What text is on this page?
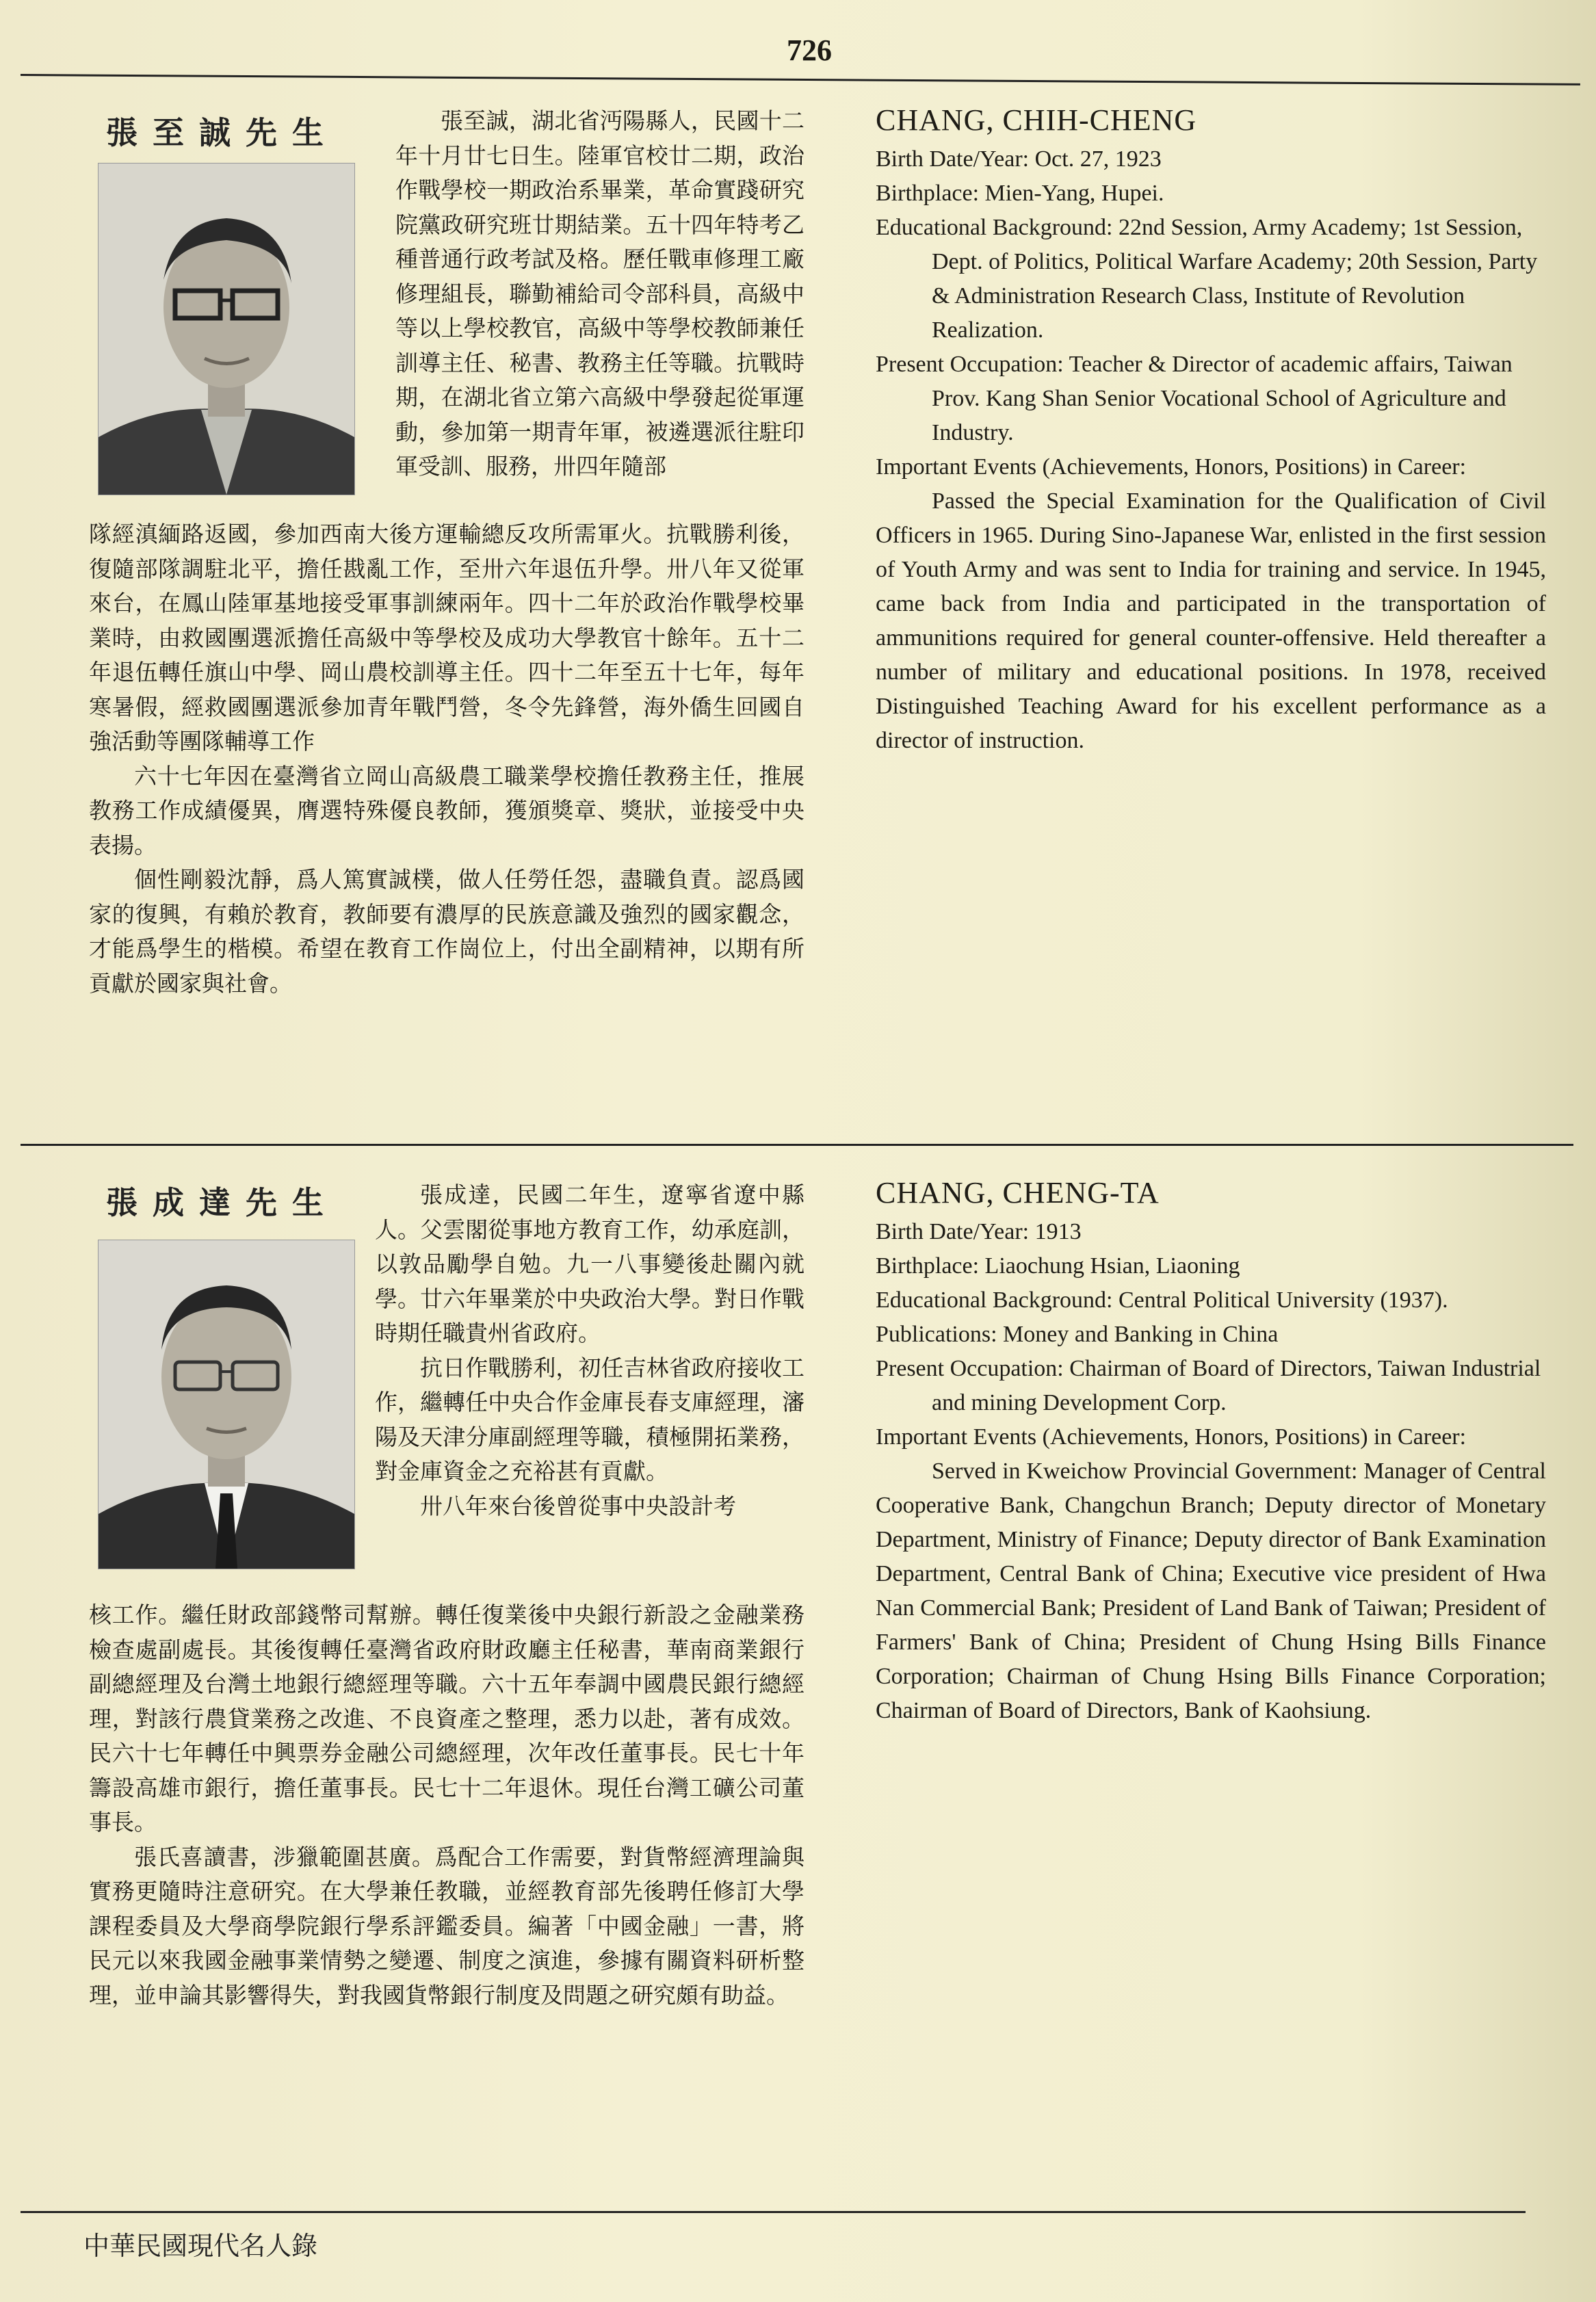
726
張至誠先生	張至誠，湖北省沔陽縣人，民國十二年十月廿七日生。陸軍官校廿二期，政治作戰學校一期政治系畢業，革命實踐研究院黨政研究班廿期結業。五十四年特考乙種普通行政考試及格。歷任戰車修理工廠修理組長，聯勤補給司令部科員，高級中等以上學校教官，高級中等學校教師兼任訓導主任、秘書、教務主任等職。抗戰時期，在湖北省立第六高級中學發起從軍運動，參加第一期青年軍，被遴選派往駐印軍受訓、服務，卅四年隨部

隊經滇緬路返國，參加西南大後方運輸總反攻所需軍火。抗戰勝利後，復隨部隊調駐北平，擔任戡亂工作，至卅六年退伍升學。卅八年又從軍來台，在鳳山陸軍基地接受軍事訓練兩年。四十二年於政治作戰學校畢業時，由救國團選派擔任高級中等學校及成功大學教官十餘年。五十二年退伍轉任旗山中學、岡山農校訓導主任。四十二年至五十七年，每年寒暑假，經救國團選派參加青年戰鬥營，冬令先鋒營，海外僑生回國自強活動等團隊輔導工作

六十七年因在臺灣省立岡山高級農工職業學校擔任教務主任，推展教務工作成績優異，膺選特殊優良教師，獲頒獎章、獎狀，並接受中央表揚。

個性剛毅沈靜，爲人篤實誠樸，做人任勞任怨，盡職負責。認爲國家的復興，有賴於教育，教師要有濃厚的民族意識及強烈的國家觀念，才能爲學生的楷模。希望在教育工作崗位上，付出全副精神，以期有所貢獻於國家與社會。

CHANG, CHIH-CHENG

Birth Date/Year: Oct. 27, 1923

Birthplace: Mien-Yang, Hupei.

Educational Background: 22nd Session, Army Academy; 1st Session, Dept. of Politics, Political Warfare Academy; 20th Session, Party & Administration Research Class, Institute of Revolution Realization.

Present Occupation: Teacher & Director of academic affairs, Taiwan Prov. Kang Shan Senior Vocational School of Agriculture and Industry.

Important Events (Achievements, Honors, Positions) in Career:

Passed the Special Examination for the Qualification of Civil Officers in 1965. During Sino-Japanese War, enlisted in the first session of Youth Army and was sent to India for training and service. In 1945, came back from India and participated in the transportation of ammunitions required for general counter-offensive. Held thereafter a number of military and educational positions. In 1978, received Distinguished Teaching Award for his excellent performance as a director of instruction.

張成達先生	張成達，民國二年生，遼寧省遼中縣人。父雲閣從事地方教育工作，幼承庭訓，以敦品勵學自勉。九一八事變後赴關內就學。廿六年畢業於中央政治大學。對日作戰時期任職貴州省政府。

抗日作戰勝利，初任吉林省政府接收工作，繼轉任中央合作金庫長春支庫經理，瀋陽及天津分庫副經理等職，積極開拓業務，對金庫資金之充裕甚有貢獻。

卅八年來台後曾從事中央設計考

核工作。繼任財政部錢幣司幫辦。轉任復業後中央銀行新設之金融業務檢查處副處長。其後復轉任臺灣省政府財政廳主任秘書，華南商業銀行副總經理及台灣土地銀行總經理等職。六十五年奉調中國農民銀行總經理，對該行農貸業務之改進、不良資產之整理，悉力以赴，著有成效。民六十七年轉任中興票券金融公司總經理，次年改任董事長。民七十年籌設高雄市銀行，擔任董事長。民七十二年退休。現任台灣工礦公司董事長。

張氏喜讀書，涉獵範圍甚廣。爲配合工作需要，對貨幣經濟理論與實務更隨時注意研究。在大學兼任教職，並經教育部先後聘任修訂大學課程委員及大學商學院銀行學系評鑑委員。編著「中國金融」一書，將民元以來我國金融事業情勢之變遷、制度之演進，參據有關資料研析整理，並申論其影響得失，對我國貨幣銀行制度及問題之研究頗有助益。

CHANG, CHENG-TA

Birth Date/Year: 1913

Birthplace: Liaochung Hsian, Liaoning

Educational Background: Central Political University (1937).

Publications: Money and Banking in China

Present Occupation: Chairman of Board of Directors, Taiwan Industrial and mining Development Corp.

Important Events (Achievements, Honors, Positions) in Career:

Served in Kweichow Provincial Government: Manager of Central Cooperative Bank, Changchun Branch; Deputy director of Monetary Department, Ministry of Finance; Deputy director of Bank Examination Department, Central Bank of China; Executive vice president of Hwa Nan Commercial Bank; President of Land Bank of Taiwan; President of Farmers' Bank of China; President of Chung Hsing Bills Finance Corporation; Chairman of Chung Hsing Bills Finance Corporation; Chairman of Board of Directors, Bank of Kaohsiung.

中華民國現代名人錄
